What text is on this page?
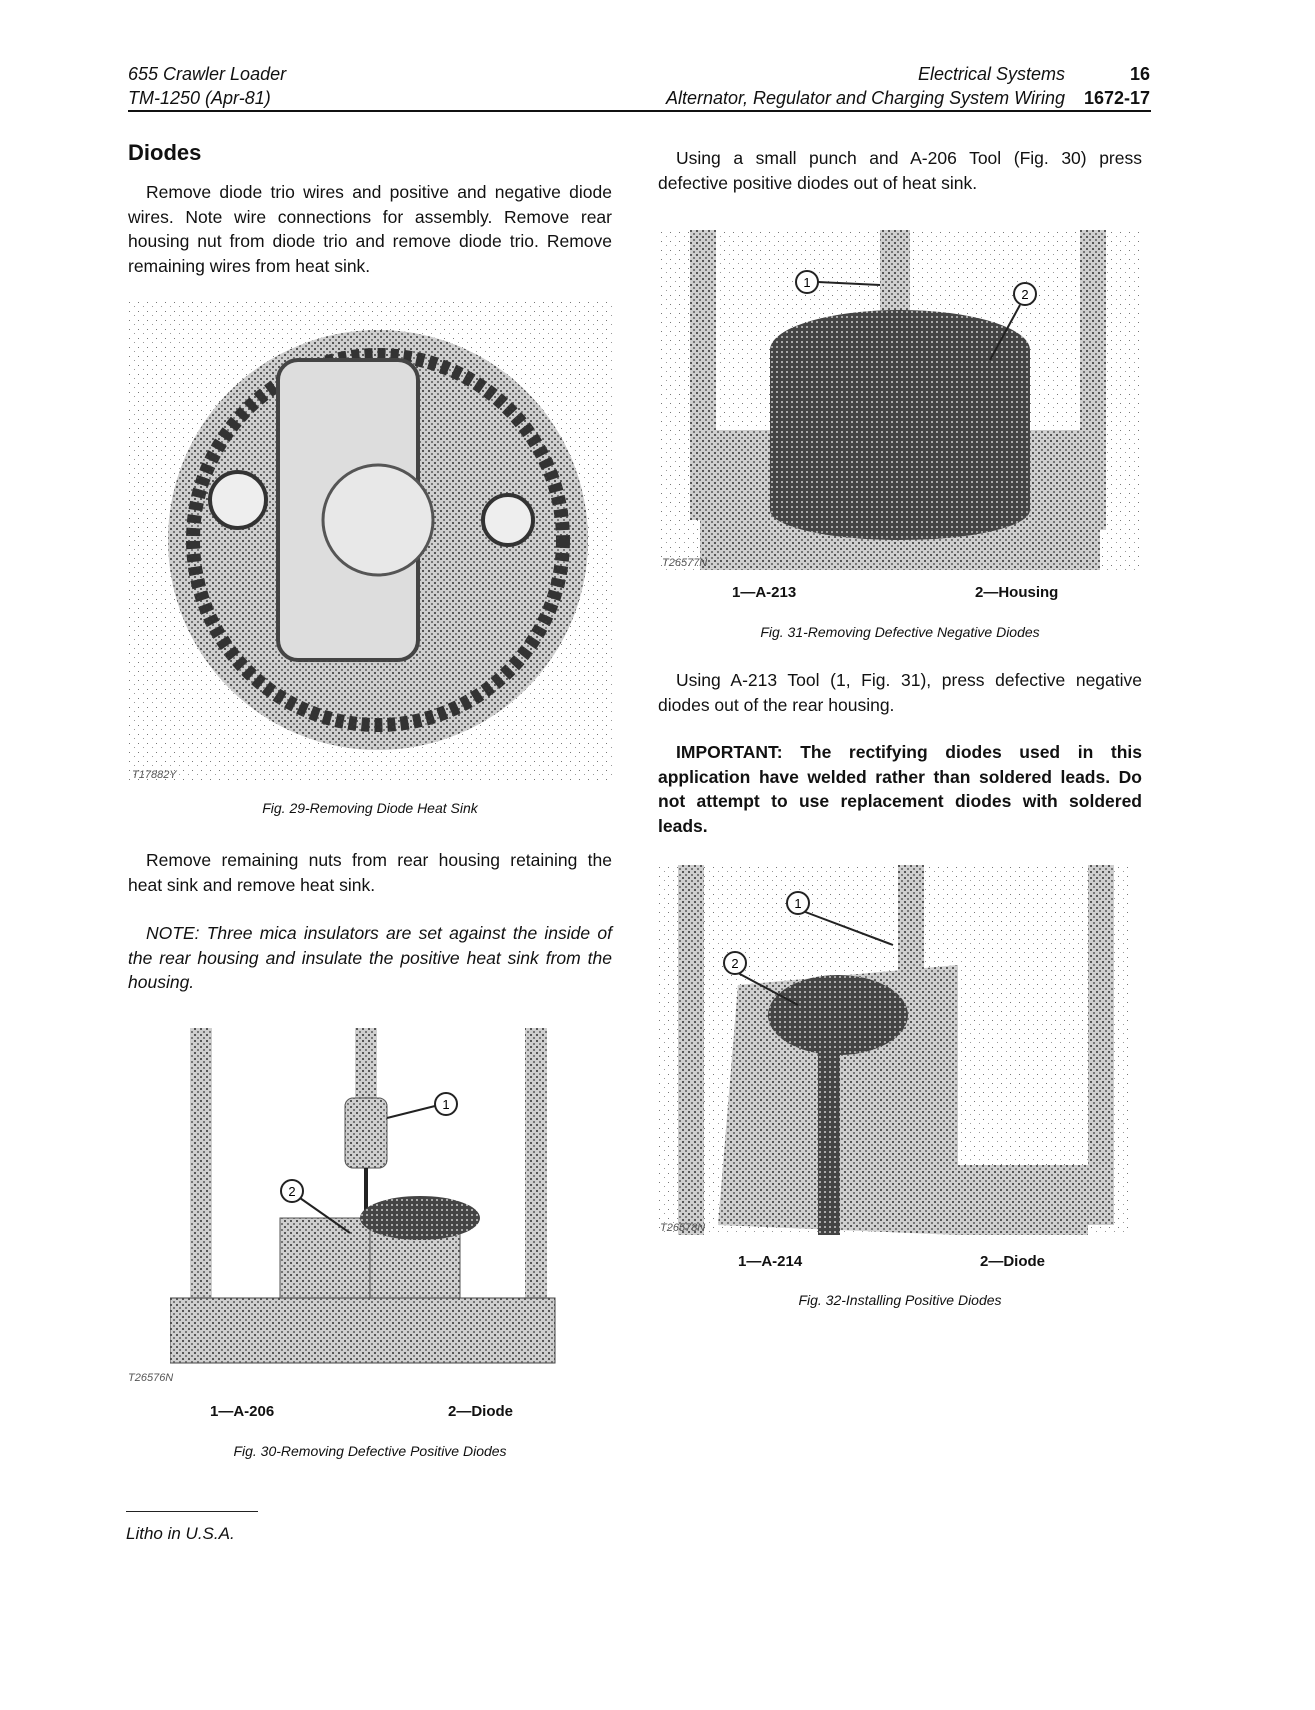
655 Crawler Loader
TM-1250 (Apr-81)
Electrical Systems	16
Alternator, Regulator and Charging System Wiring 1672-17
Diodes

Remove diode trio wires and positive and negative diode wires. Note wire connections for assembly. Remove rear housing nut from diode trio and remove diode trio. Remove remaining wires from heat sink.

T17882Y
Fig. 29-Removing Diode Heat Sink

Remove remaining nuts from rear housing retaining the heat sink and remove heat sink.

NOTE: Three mica insulators are set against the inside of the rear housing and insulate the positive heat sink from the housing.

1
2
T26576N
1—A-206	2—Diode
Fig. 30-Removing Defective Positive Diodes
Litho in U.S.A.

Using a small punch and A-206 Tool (Fig. 30) press defective positive diodes out of heat sink.

1
2
T26577N
1—A-213	2—Housing
Fig. 31-Removing Defective Negative Diodes

Using A-213 Tool (1, Fig. 31), press defective negative diodes out of the rear housing.

IMPORTANT: The rectifying diodes used in this application have welded rather than soldered leads. Do not attempt to use replacement diodes with soldered leads.

1
2
T26578N
1—A-214	2—Diode
Fig. 32-Installing Positive Diodes
